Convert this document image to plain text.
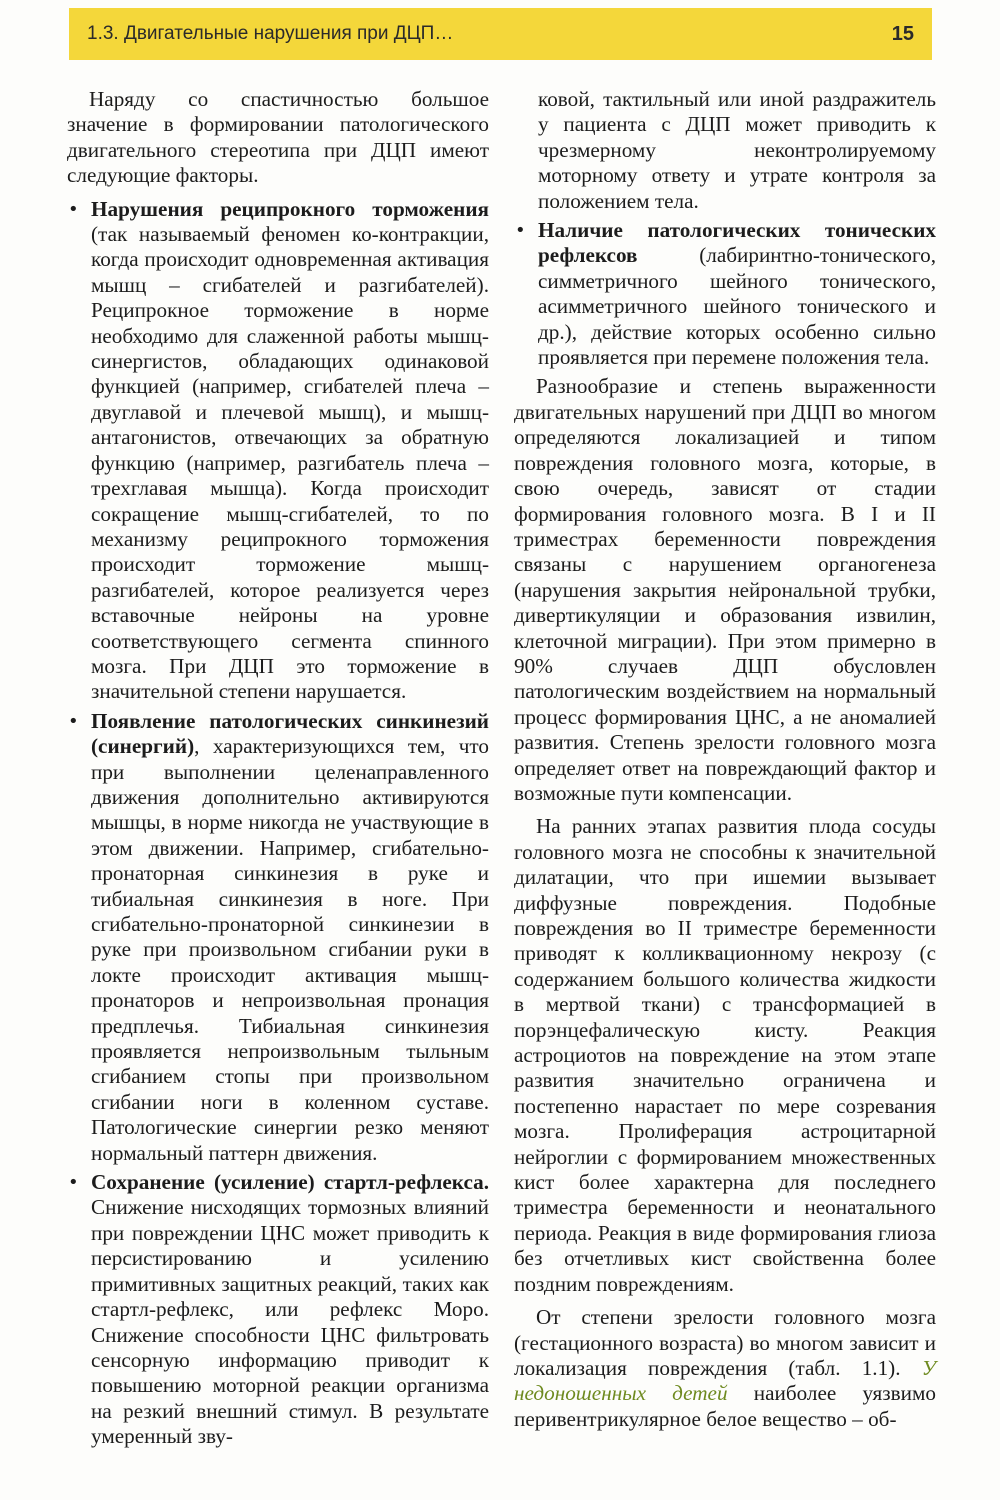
1.3. Двигательные нарушения при ДЦП…	15

Наряду со спастичностью большое значение в формировании патологического двигательного стереотипа при ДЦП имеют следующие факторы.

• Нарушения реципрокного торможения (так называемый феномен ко-контракции, когда происходит одновременная активация мышц – сгибателей и разгибателей). Реципрокное торможение в норме необходимо для слаженной работы мышц-синергистов, обладающих одинаковой функцией (например, сгибателей плеча – двуглавой и плечевой мышц), и мышц-антагонистов, отвечающих за обратную функцию (например, разгибатель плеча – трехглавая мышца). Когда происходит сокращение мышц-сгибателей, то по механизму реципрокного торможения происходит торможение мышц-разгибателей, которое реализуется через вставочные нейроны на уровне соответствующего сегмента спинного мозга. При ДЦП это торможение в значительной степени нарушается.
• Появление патологических синкинезий (синергий), характеризующихся тем, что при выполнении целенаправленного движения дополнительно активируются мышцы, в норме никогда не участвующие в этом движении. Например, сгибательно-пронаторная синкинезия в руке и тибиальная синкинезия в ноге. При сгибательно-пронаторной синкинезии в руке при произвольном сгибании руки в локте происходит активация мышц-пронаторов и непроизвольная пронация предплечья. Тибиальная синкинезия проявляется непроизвольным тыльным сгибанием стопы при произвольном сгибании ноги в коленном суставе. Патологические синергии резко меняют нормальный паттерн движения.
• Сохранение (усиление) стартл-рефлекса. Снижение нисходящих тормозных влияний при повреждении ЦНС может приводить к персистированию и усилению примитивных защитных реакций, таких как стартл-рефлекс, или рефлекс Моро. Снижение способности ЦНС фильтровать сенсорную информацию приводит к повышению моторной реакции организма на резкий внешний стимул. В результате умеренный зву-
ковой, тактильный или иной раздражитель у пациента с ДЦП может приводить к чрезмерному неконтролируемому моторному ответу и утрате контроля за положением тела.
• Наличие патологических тонических рефлексов (лабиринтно-тонического, симметричного шейного тонического, асимметричного шейного тонического и др.), действие которых особенно сильно проявляется при перемене положения тела.

Разнообразие и степень выраженности двигательных нарушений при ДЦП во многом определяются локализацией и типом повреждения головного мозга, которые, в свою очередь, зависят от стадии формирования головного мозга. В I и II триместрах беременности повреждения связаны с нарушением органогенеза (нарушения закрытия нейрональной трубки, дивертикуляции и образования извилин, клеточной миграции). При этом примерно в 90% случаев ДЦП обусловлен патологическим воздействием на нормальный процесс формирования ЦНС, а не аномалией развития. Степень зрелости головного мозга определяет ответ на повреждающий фактор и возможные пути компенсации.

На ранних этапах развития плода сосуды головного мозга не способны к значительной дилатации, что при ишемии вызывает диффузные повреждения. Подобные повреждения во II триместре беременности приводят к колликвационному некрозу (с содержанием большого количества жидкости в мертвой ткани) с трансформацией в порэнцефалическую кисту. Реакция астроциотов на повреждение на этом этапе развития значительно ограничена и постепенно нарастает по мере созревания мозга. Пролиферация астроцитарной нейроглии с формированием множественных кист более характерна для последнего триместра беременности и неонатального периода. Реакция в виде формирования глиоза без отчетливых кист свойственна более поздним повреждениям.

От степени зрелости головного мозга (гестационного возраста) во многом зависит и локализация повреждения (табл. 1.1). У недоношенных детей наиболее уязвимо перивентрикулярное белое вещество – об-
